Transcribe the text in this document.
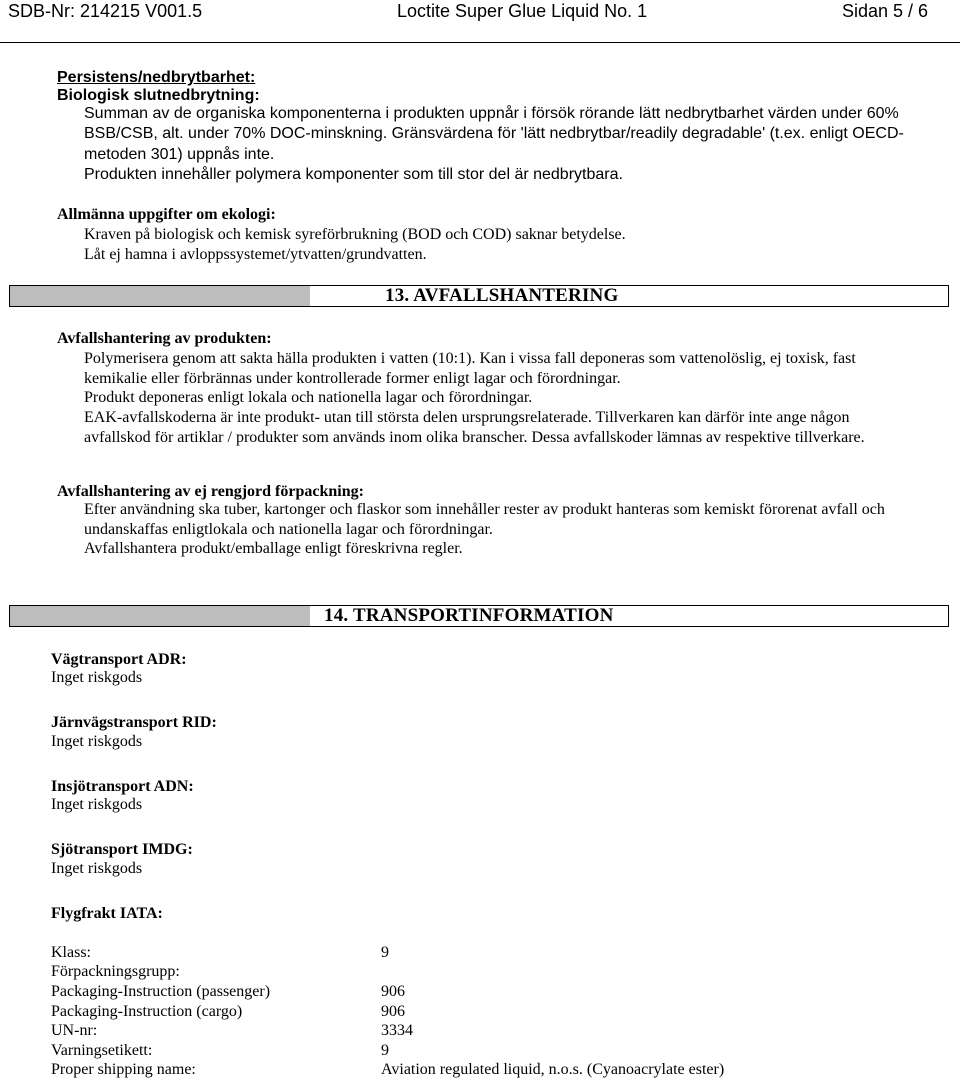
SDB-Nr: 214215 V001.5	Loctite Super Glue Liquid No. 1	Sidan 5 / 6
Persistens/nedbrytbarhet:
Biologisk slutnedbrytning:
Summan av de organiska komponenterna i produkten uppnår i försök rörande lätt nedbrytbarhet värden under 60%
BSB/CSB, alt. under 70% DOC-minskning. Gränsvärdena för 'lätt nedbrytbar/readily degradable' (t.ex. enligt OECD-
metoden 301) uppnås inte.
Produkten innehåller polymera komponenter som till stor del är nedbrytbara.
Allmänna uppgifter om ekologi:
Kraven på biologisk och kemisk syreförbrukning (BOD och COD) saknar betydelse.
Låt ej hamna i avloppssystemet/ytvatten/grundvatten.
13. AVFALLSHANTERING
Avfallshantering av produkten:
Polymerisera genom att sakta hälla produkten i vatten (10:1). Kan i vissa fall deponeras som vattenolöslig, ej toxisk, fast
kemikalie eller förbrännas under kontrollerade former enligt lagar och förordningar.
Produkt deponeras enligt lokala och nationella lagar och förordningar.
EAK-avfallskoderna är inte produkt- utan till största delen ursprungsrelaterade. Tillverkaren kan därför inte ange någon
avfallskod för artiklar / produkter som används inom olika branscher. Dessa avfallskoder lämnas av respektive tillverkare.
Avfallshantering av ej rengjord förpackning:
Efter användning ska tuber, kartonger och flaskor som innehåller rester av produkt hanteras som kemiskt förorenat avfall och
undanskaffas enligtlokala och nationella lagar och förordningar.
Avfallshantera produkt/emballage enligt föreskrivna regler.
14. TRANSPORTINFORMATION
Vägtransport ADR:
Inget riskgods
Järnvägstransport RID:
Inget riskgods
Insjötransport ADN:
Inget riskgods
Sjötransport IMDG:
Inget riskgods
Flygfrakt IATA:
Klass:	9
Förpackningsgrupp:
Packaging-Instruction (passenger)	906
Packaging-Instruction (cargo)	906
UN-nr:	3334
Varningsetikett:	9
Proper shipping name:	Aviation regulated liquid, n.o.s. (Cyanoacrylate ester)
